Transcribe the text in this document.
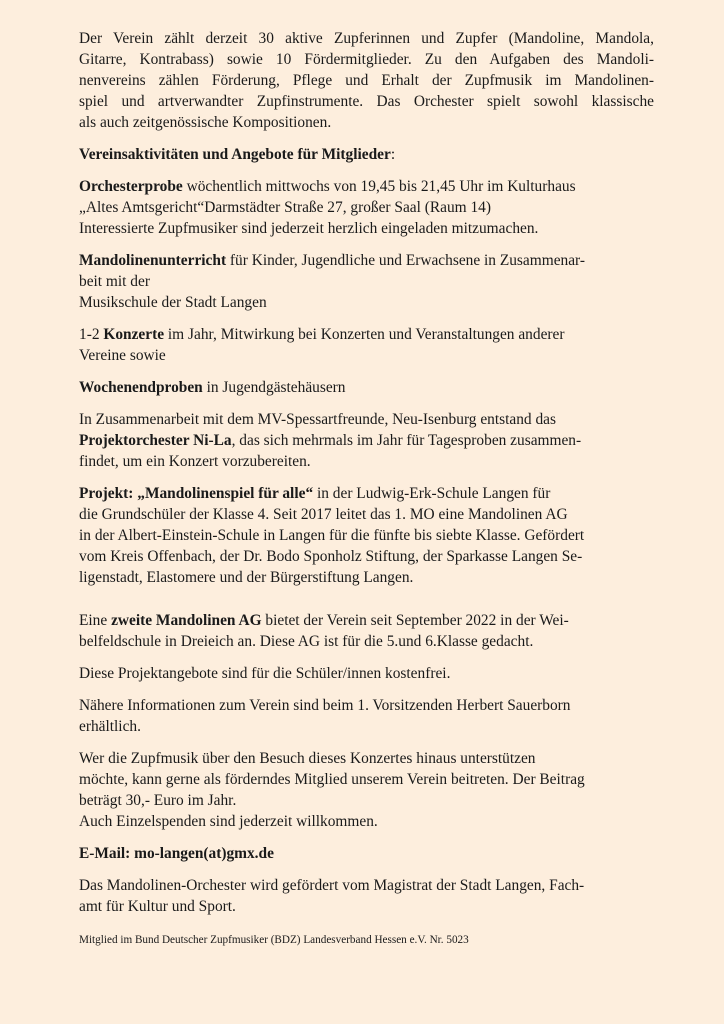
Der Verein zählt derzeit 30 aktive Zupferinnen und Zupfer (Mandoline, Mandola,
Gitarre, Kontrabass) sowie 10 Fördermitglieder. Zu den Aufgaben des Mandoli-
nenvereins zählen Förderung, Pflege und Erhalt der Zupfmusik im Mandolinen-
spiel und artverwandter Zupfinstrumente. Das Orchester spielt sowohl klassische
als auch zeitgenössische Kompositionen.
Vereinsaktivitäten und Angebote für Mitglieder:
Orchesterprobe wöchentlich mittwochs von 19,45 bis 21,45 Uhr im Kulturhaus
„Altes Amtsgericht“Darmstädter Straße 27, großer Saal (Raum 14)
Interessierte Zupfmusiker sind jederzeit herzlich eingeladen mitzumachen.
Mandolinenunterricht für Kinder, Jugendliche und Erwachsene in Zusammenar-
beit mit der
Musikschule der Stadt Langen
1-2 Konzerte im Jahr, Mitwirkung bei Konzerten und Veranstaltungen anderer
Vereine sowie
Wochenendproben in Jugendgästehäusern
In Zusammenarbeit mit dem MV-Spessartfreunde, Neu-Isenburg entstand das
Projektorchester Ni-La, das sich mehrmals im Jahr für Tagesproben zusammen-
findet, um ein Konzert vorzubereiten.
Projekt: „Mandolinenspiel für alle“ in der Ludwig-Erk-Schule Langen für
die Grundschüler der Klasse 4. Seit 2017 leitet das 1. MO eine Mandolinen AG
in der Albert-Einstein-Schule in Langen für die fünfte bis siebte Klasse. Gefördert
vom Kreis Offenbach, der Dr. Bodo Sponholz Stiftung, der Sparkasse Langen Se-
ligenstadt, Elastomere und der Bürgerstiftung Langen.
Eine zweite Mandolinen AG bietet der Verein seit September 2022 in der Wei-
belfeldschule in Dreieich an. Diese AG ist für die 5.und 6.Klasse gedacht.
Diese Projektangebote sind für die Schüler/innen kostenfrei.
Nähere Informationen zum Verein sind beim 1. Vorsitzenden Herbert Sauerborn
erhältlich.
Wer die Zupfmusik über den Besuch dieses Konzertes hinaus unterstützen
möchte, kann gerne als förderndes Mitglied unserem Verein beitreten. Der Beitrag
beträgt 30,- Euro im Jahr.
Auch Einzelspenden sind jederzeit willkommen.
E-Mail: mo-langen(at)gmx.de
Das Mandolinen-Orchester wird gefördert vom Magistrat der Stadt Langen, Fach-
amt für Kultur und Sport.
Mitglied im Bund Deutscher Zupfmusiker (BDZ) Landesverband Hessen e.V. Nr. 5023
